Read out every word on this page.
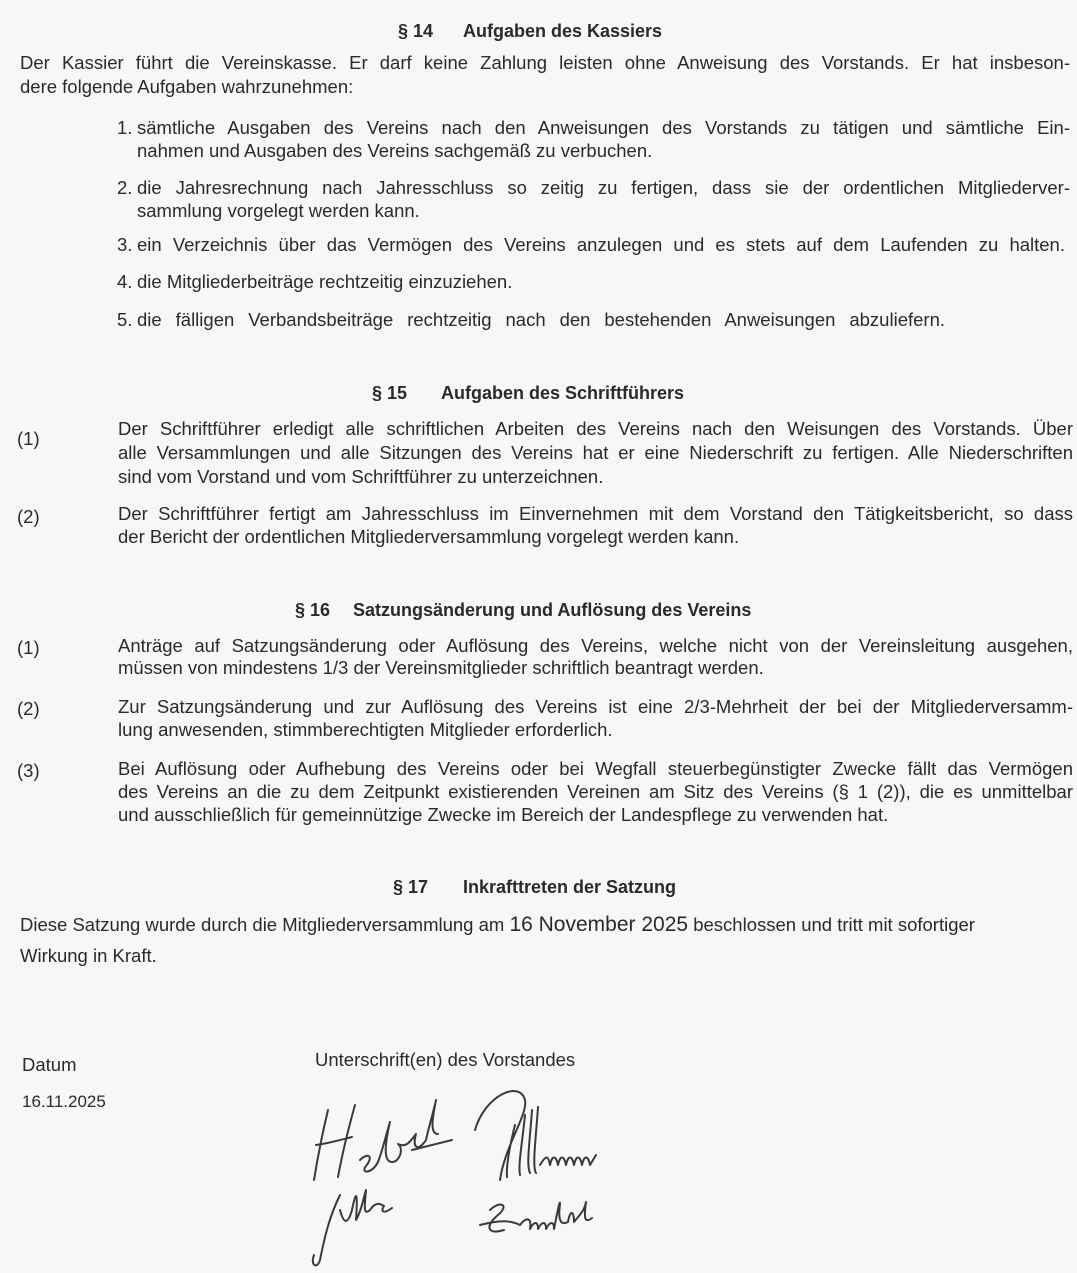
§ 14 Aufgaben des Kassiers
Der Kassier führt die Vereinskasse. Er darf keine Zahlung leisten ohne Anweisung des Vorstands. Er hat insbeson-
dere folgende Aufgaben wahrzunehmen:
1. sämtliche Ausgaben des Vereins nach den Anweisungen des Vorstands zu tätigen und sämtliche Ein-
nahmen und Ausgaben des Vereins sachgemäß zu verbuchen.
2. die Jahresrechnung nach Jahresschluss so zeitig zu fertigen, dass sie der ordentlichen Mitgliederver-
sammlung vorgelegt werden kann.
3. ein Verzeichnis über das Vermögen des Vereins anzulegen und es stets auf dem Laufenden zu halten.
4. die Mitgliederbeiträge rechtzeitig einzuziehen.
5. die fälligen Verbandsbeiträge rechtzeitig nach den bestehenden Anweisungen abzuliefern.
§ 15 Aufgaben des Schriftführers
(1)	Der Schriftführer erledigt alle schriftlichen Arbeiten des Vereins nach den Weisungen des Vorstands. Über
alle Versammlungen und alle Sitzungen des Vereins hat er eine Niederschrift zu fertigen. Alle Niederschriften
sind vom Vorstand und vom Schriftführer zu unterzeichnen.
(2)	Der Schriftführer fertigt am Jahresschluss im Einvernehmen mit dem Vorstand den Tätigkeitsbericht, so dass
der Bericht der ordentlichen Mitgliederversammlung vorgelegt werden kann.
§ 16 Satzungsänderung und Auflösung des Vereins
(1)	Anträge auf Satzungsänderung oder Auflösung des Vereins, welche nicht von der Vereinsleitung ausgehen,
müssen von mindestens 1/3 der Vereinsmitglieder schriftlich beantragt werden.
(2)	Zur Satzungsänderung und zur Auflösung des Vereins ist eine 2/3-Mehrheit der bei der Mitgliederversamm-
lung anwesenden, stimmberechtigten Mitglieder erforderlich.
(3)	Bei Auflösung oder Aufhebung des Vereins oder bei Wegfall steuerbegünstigter Zwecke fällt das Vermögen
des Vereins an die zu dem Zeitpunkt existierenden Vereinen am Sitz des Vereins (§ 1 (2)), die es unmittelbar
und ausschließlich für gemeinnützige Zwecke im Bereich der Landespflege zu verwenden hat.
§ 17 Inkrafttreten der Satzung
Diese Satzung wurde durch die Mitgliederversammlung am 16 November 2025 beschlossen und tritt mit sofortiger
Wirkung in Kraft.
Datum
16.11.2025
Unterschrift(en) des Vorstandes
